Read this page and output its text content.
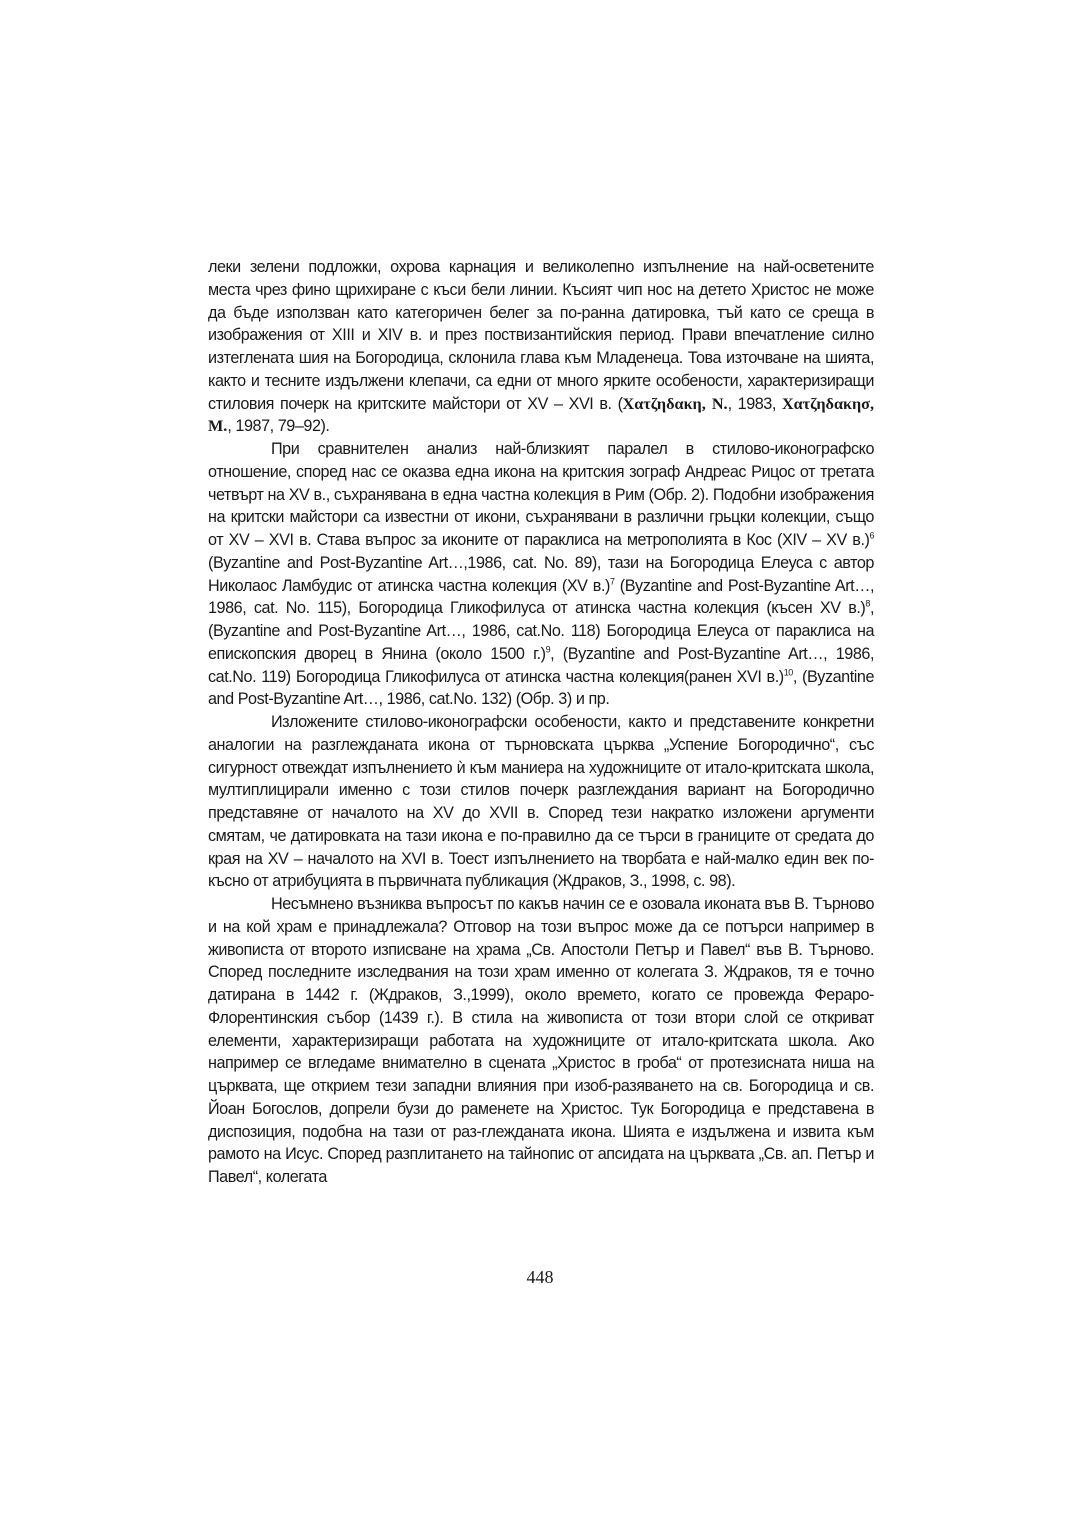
леки зелени подложки, охрова карнация и великолепно изпълнение на най-осветените места чрез фино щрихиране с къси бели линии. Късият чип нос на детето Христос не може да бъде използван като категоричен белег за по-ранна датировка, тъй като се среща в изображения от XIII и XIV в. и през поствизантийския период. Прави впечатление силно изтегленатa шия на Богородица, склонила глава към Младенеца. Това източване на шията, както и тесните издължени клепачи, са едни от много ярките особености, характеризиращи стиловия почерк на критските майстори от XV – XVI в. (Χατζηδακη, N., 1983, Χατζηδακησ, M., 1987, 79–92).

При сравнителен анализ най-близкият паралел в стилово-иконографско отношение, според нас се оказва една икона на критския зограф Андреас Рицос от третата четвърт на XV в., съхранявана в една частна колекция в Рим (Обр. 2). Подобни изображения на критски майстори са известни от икони, съхранявани в различни грьцки колекции, също от XV – XVI в. Става въпрос за иконите от параклиса на метрополията в Кос (XIV – XV в.)$^6$ (Byzantine and Post-Byzantine Art…,1986, cat. No. 89), тази на Богородица Елеуса с автор Николаос Ламбудис от атинска частна колекция (XV в.)$^7$ (Byzantine and Post-Byzantine Art…, 1986, cat. No. 115), Богородица Гликофилуса от атинска частна колекция (късен XV в.)$^8$,(Byzantine and Post-Byzantine Art…, 1986, cat.No. 118) Богородица Елеуса от параклиса на епископския дворец в Янина (около 1500 г.)$^9$, (Byzantine and Post-Byzantine Art…, 1986, cat.No. 119) Богородица Гликофилуса от атинска частна колекция(ранен XVI в.)$^{10}$, (Byzantine and Post-Byzantine Art…, 1986, cat.No. 132) (Обр. 3) и пр.

Изложените стилово-иконографски особености, както и представените конкретни аналогии на разглежданата икона от търновската църква „Успение Богородично“, със сигурност отвеждат изпълнението ѝ към маниера на художниците от итало-критската школа, мултиплицирали именно с този стилов почерк разглеждания вариант на Богородично представяне от началото на XV до XVII в. Според тези накратко изложени аргументи смятам, че датировката на тази икона е по-правилно да се търси в границите от средата до края на XV – началото на XVI в. Тоест изпълнението на творбата е най-малко един век по-късно от атрибуцията в първичната публикация (Ждраков, З., 1998, с. 98).

Несъмнено възниква въпросът по какъв начин се е озовала иконата във В. Търново и на кой храм е принадлежала? Отговор на този въпрос може да се потърси например в живописта от второто изписване на храма „Св. Апостоли Петър и Павел“ във В. Търново. Според последните изследвания на този храм именно от колегата З. Ждраков, тя е точно датирана в 1442 г. (Ждраков, З.,1999), около времето, когато се провежда Фераро-Флорентинския събор (1439 г.). В стила на живописта от този втори слой се откриват елементи, характеризиращи работата на художниците от итало-критската школа. Ако например се вгледаме внимателно в сцената „Христос в гроба“ от протезисната ниша на църквата, ще открием тези западни влияния при изоб-разяването на св. Богородица и св. Йоан Богослов, допрели бузи до раменете на Христос. Тук Богородица е представена в диспозиция, подобна на тази от раз-глежданата икона. Шията е издължена и извита към рамото на Исус. Според разплитането на тайнопис от апсидата на църквата „Св. ап. Петър и Павел“, колегата

448
